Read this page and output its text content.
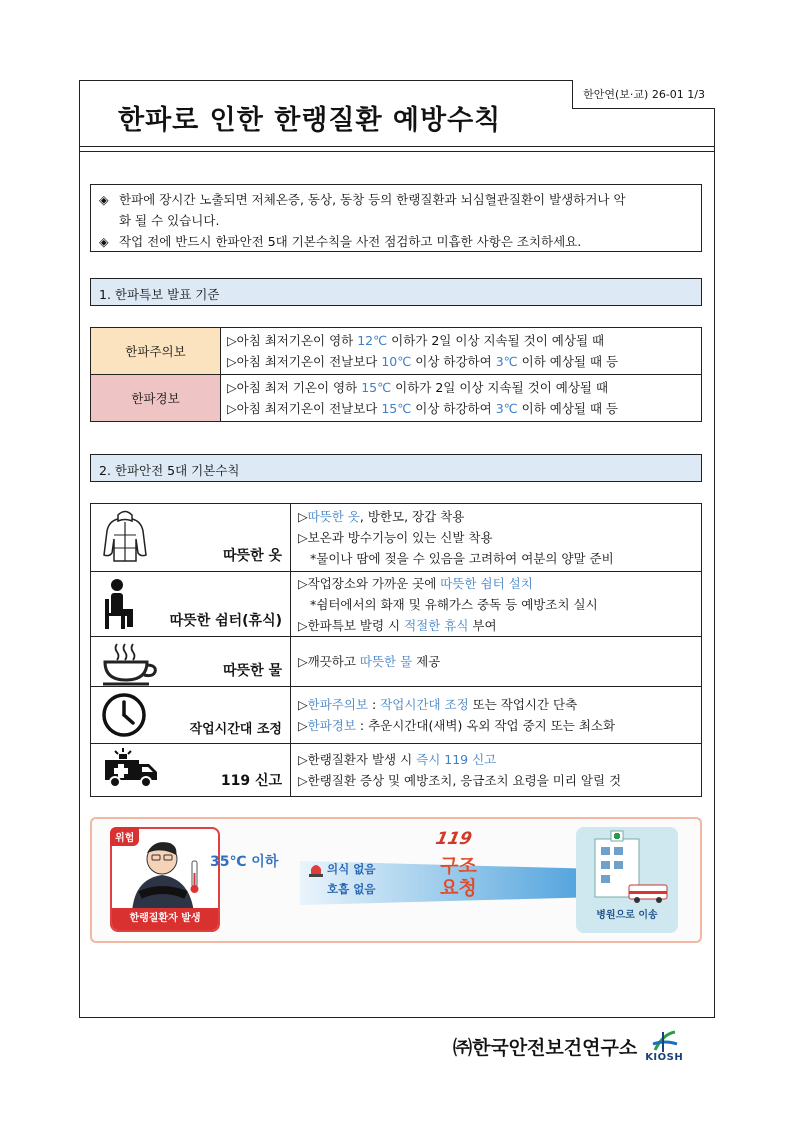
한파로 인한 한랭질환 예방수칙
한안연(보·교) 26-01 1/3
◈ 한파에 장시간 노출되면 저체온증, 동상, 동창 등의 한랭질환과 뇌심혈관질환이 발생하거나 악
화 될 수 있습니다.
◈ 작업 전에 반드시 한파안전 5대 기본수칙을 사전 점검하고 미흡한 사항은 조치하세요.
1. 한파특보 발표 기준
한파주의보	▷아침 최저기온이 영하 12℃ 이하가 2일 이상 지속될 것이 예상될 때
▷아침 최저기온이 전날보다 10℃ 이상 하강하여 3℃ 이하 예상될 때 등

한파경보	▷아침 최저 기온이 영하 15℃ 이하가 2일 이상 지속될 것이 예상될 때
▷아침 최저기온이 전날보다 15℃ 이상 하강하여 3℃ 이하 예상될 때 등
2. 한파안전 5대 기본수칙
따뜻한 옷
▷따뜻한 옷, 방한모, 장갑 착용
▷보온과 방수기능이 있는 신발 착용
*물이나 땀에 젖을 수 있음을 고려하여 여분의 양말 준비
따뜻한 쉼터(휴식)
▷작업장소와 가까운 곳에 따뜻한 쉼터 설치
*쉼터에서의 화재 및 유해가스 중독 등 예방조치 실시
▷한파특보 발령 시 적절한 휴식 부여
따뜻한 물
▷깨끗하고 따뜻한 물 제공
작업시간대 조정
▷한파주의보 : 작업시간대 조정 또는 작업시간 단축
▷한파경보 : 추운시간대(새벽) 옥외 작업 중지 또는 최소화
119 신고
▷한랭질환자 발생 시 즉시 119 신고
▷한랭질환 증상 및 예방조치, 응급조치 요령을 미리 알릴 것
위험
한랭질환자 발생
35℃ 이하	의식 없음
호흡 없음
119
구조
요청
병원으로 이송
㈜한국안전보건연구소 KIOSH
